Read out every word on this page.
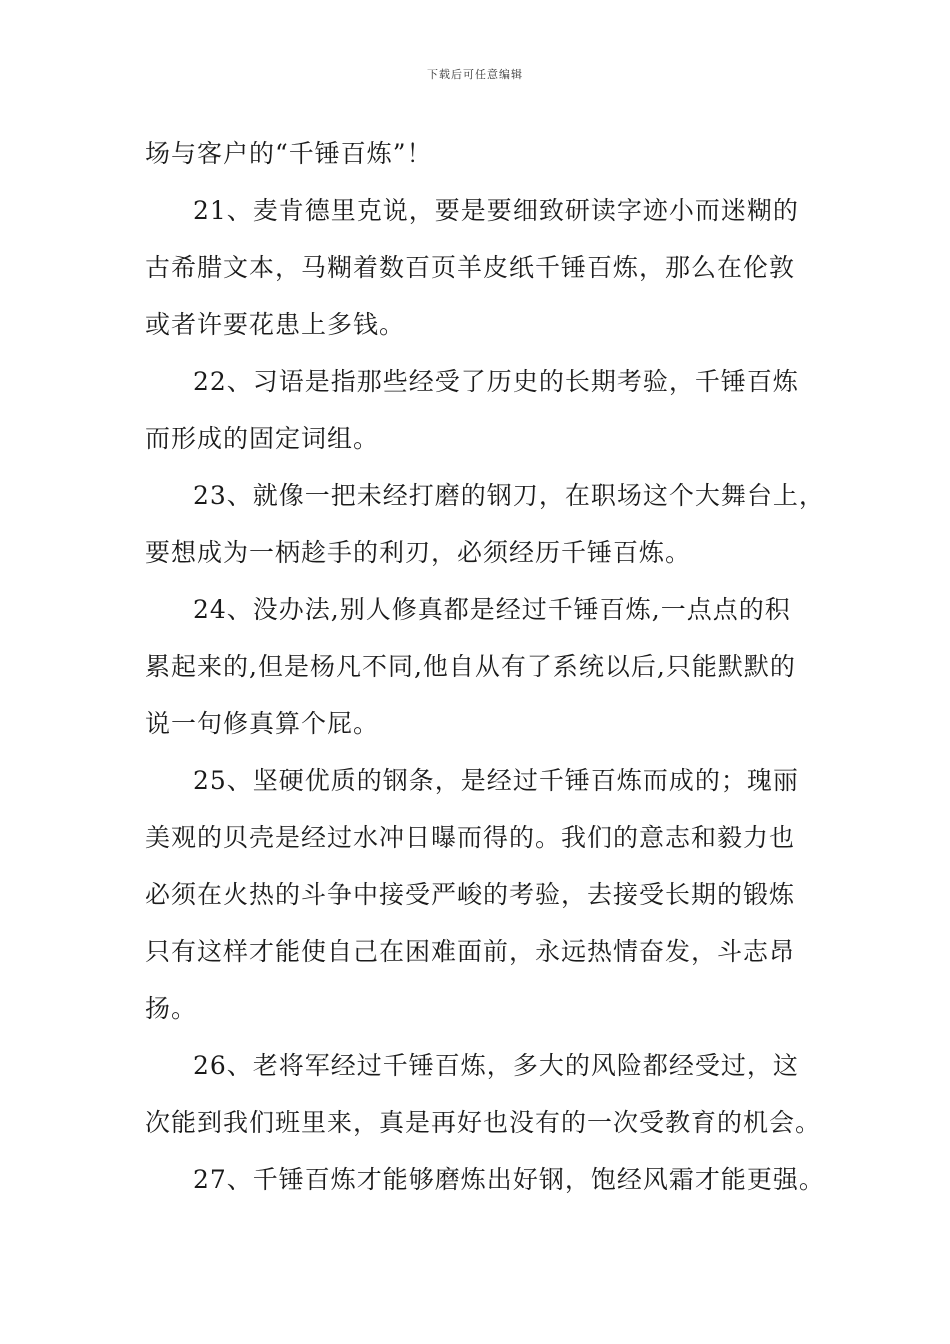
下载后可任意编辑
场与客户的“千锤百炼”！
21、麦肯德里克说，要是要细致研读字迹小而迷糊的
古希腊文本，马糊着数百页羊皮纸千锤百炼，那么在伦敦
或者许要花患上多钱。
22、习语是指那些经受了历史的长期考验，千锤百炼
而形成的固定词组。
23、就像一把未经打磨的钢刀，在职场这个大舞台上，
要想成为一柄趁手的利刃，必须经历千锤百炼。
24、没办法,别人修真都是经过千锤百炼,一点点的积
累起来的,但是杨凡不同,他自从有了系统以后,只能默默的
说一句修真算个屁。
25、坚硬优质的钢条，是经过千锤百炼而成的；瑰丽
美观的贝壳是经过水冲日曝而得的。我们的意志和毅力也
必须在火热的斗争中接受严峻的考验，去接受长期的锻炼
只有这样才能使自己在困难面前，永远热情奋发，斗志昂
扬。
26、老将军经过千锤百炼，多大的风险都经受过，这
次能到我们班里来，真是再好也没有的一次受教育的机会。
27、千锤百炼才能够磨炼出好钢，饱经风霜才能更强。
